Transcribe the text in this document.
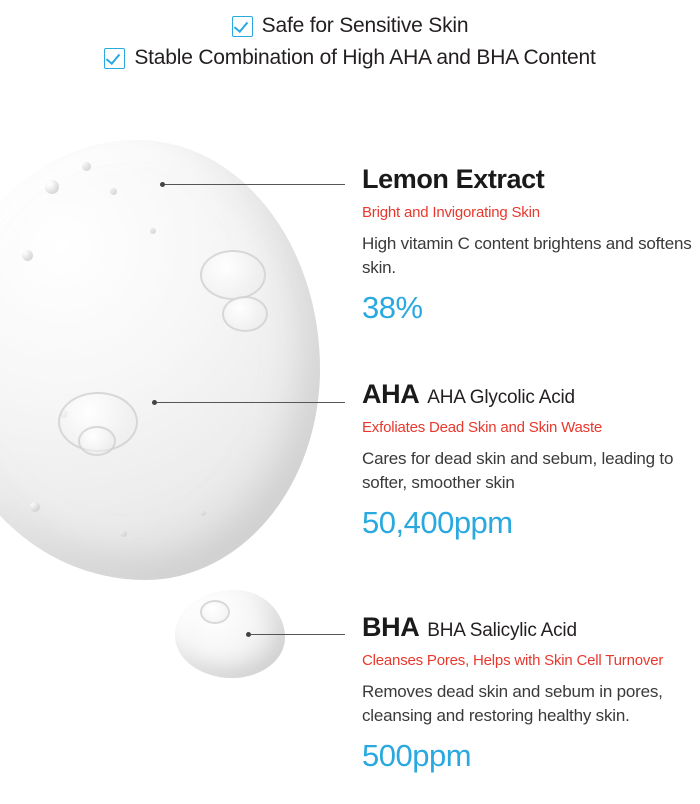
Safe for Sensitive Skin
Stable Combination of High AHA and BHA Content
Lemon Extract
Bright and Invigorating Skin
High vitamin C content brightens and softens skin.
38%
AHA AHA Glycolic Acid
Exfoliates Dead Skin and Skin Waste
Cares for dead skin and sebum, leading to softer, smoother skin
50,400ppm
BHA BHA Salicylic Acid
Cleanses Pores, Helps with Skin Cell Turnover
Removes dead skin and sebum in pores, cleansing and restoring healthy skin.
500ppm
